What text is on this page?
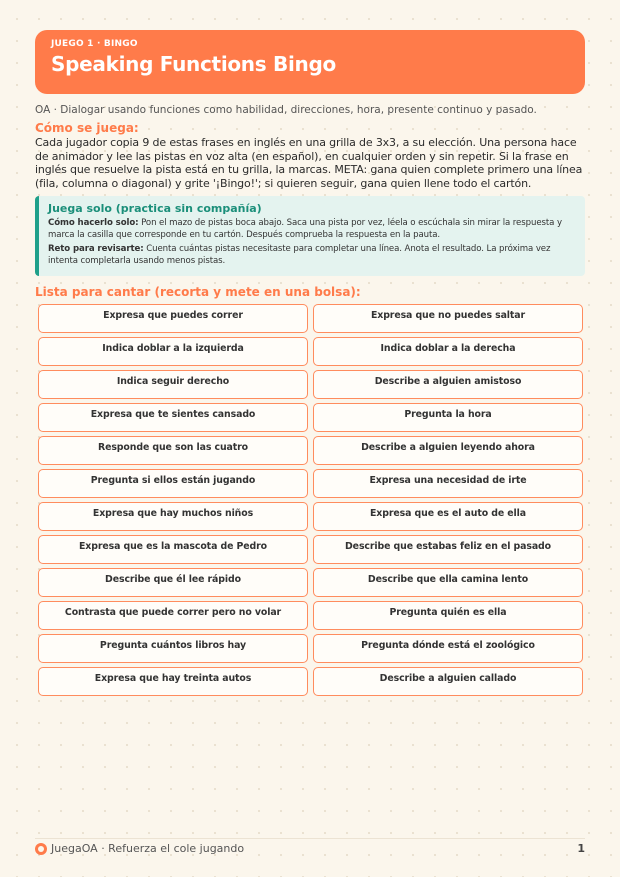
JUEGO 1 · BINGO
Speaking Functions Bingo
OA · Dialogar usando funciones como habilidad, direcciones, hora, presente continuo y pasado.
Cómo se juega:
Cada jugador copia 9 de estas frases en inglés en una grilla de 3x3, a su elección. Una persona hace de animador y lee las pistas en voz alta (en español), en cualquier orden y sin repetir. Si la frase en inglés que resuelve la pista está en tu grilla, la marcas. META: gana quien complete primero una línea (fila, columna o diagonal) y grite '¡Bingo!'; si quieren seguir, gana quien llene todo el cartón.
Juega solo (practica sin compañía)

Cómo hacerlo solo: Pon el mazo de pistas boca abajo. Saca una pista por vez, léela o escúchala sin mirar la respuesta y marca la casilla que corresponde en tu cartón. Después comprueba la respuesta en la pauta.

Reto para revisarte: Cuenta cuántas pistas necesitaste para completar una línea. Anota el resultado. La próxima vez intenta completarla usando menos pistas.

Lista para cantar (recorta y mete en una bolsa):
Expresa que puedes correr	Expresa que no puedes saltar
Indica doblar a la izquierda	Indica doblar a la derecha
Indica seguir derecho	Describe a alguien amistoso
Expresa que te sientes cansado	Pregunta la hora
Responde que son las cuatro	Describe a alguien leyendo ahora
Pregunta si ellos están jugando	Expresa una necesidad de irte
Expresa que hay muchos niños	Expresa que es el auto de ella
Expresa que es la mascota de Pedro	Describe que estabas feliz en el pasado
Describe que él lee rápido	Describe que ella camina lento
Contrasta que puede correr pero no volar	Pregunta quién es ella
Pregunta cuántos libros hay	Pregunta dónde está el zoológico
Expresa que hay treinta autos	Describe a alguien callado
JuegaOA · Refuerza el cole jugando	1
